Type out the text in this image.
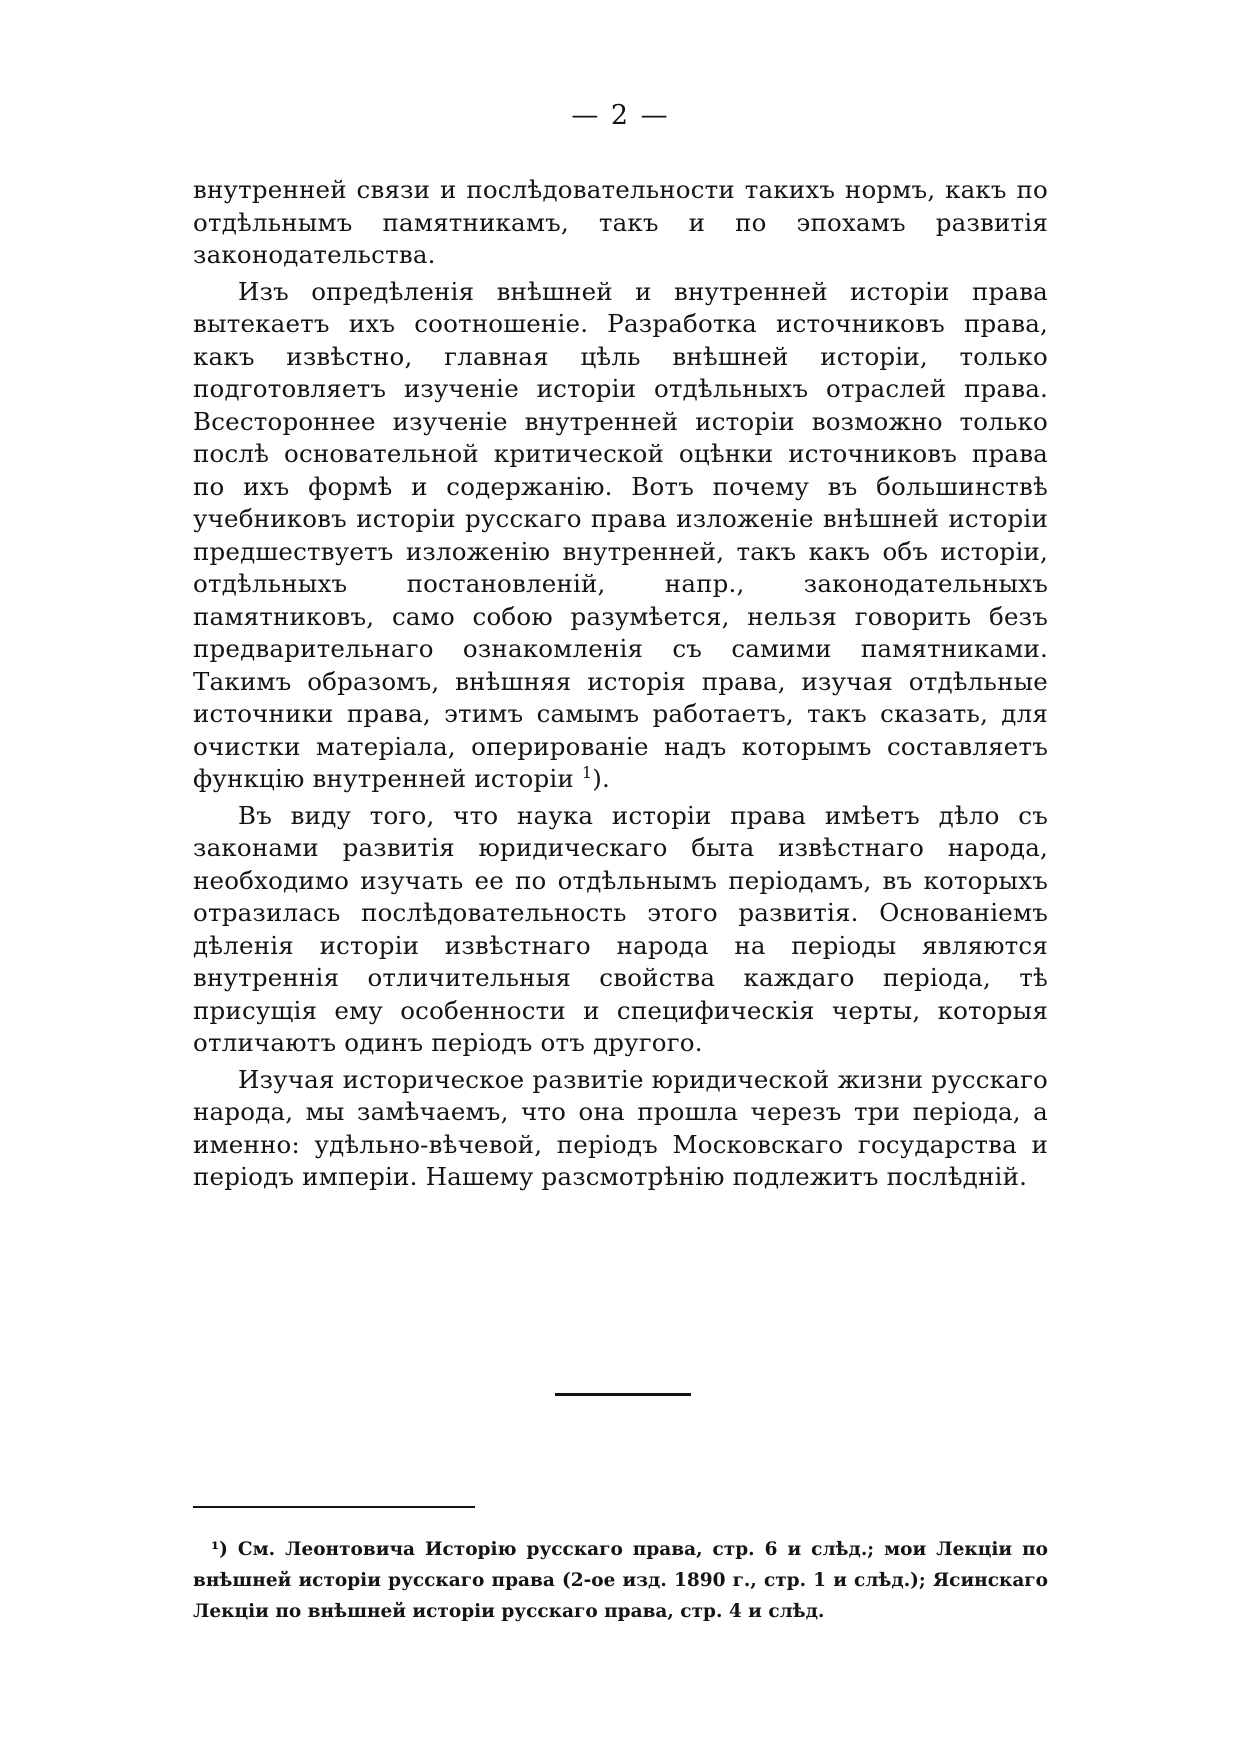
— 2 —

внутренней связи и послѣдовательности такихъ нормъ, какъ по отдѣльнымъ памятникамъ, такъ и по эпохамъ развитія законодательства.

Изъ опредѣленія внѣшней и внутренней исторіи права вытекаетъ ихъ соотношеніе. Разработка источниковъ права, какъ извѣстно, главная цѣль внѣшней исторіи, только подготовляетъ изученіе исторіи отдѣльныхъ отраслей права. Всестороннее изученіе внутренней исторіи возможно только послѣ основательной критической оцѣнки источниковъ права по ихъ формѣ и содержанію. Вотъ почему въ большинствѣ учебниковъ исторіи русскаго права изложеніе внѣшней исторіи предшествуетъ изложенію внутренней, такъ какъ объ исторіи, отдѣльныхъ постановленій, напр., законодательныхъ памятниковъ, само собою разумѣется, нельзя говорить безъ предварительнаго ознакомленія съ самими памятниками. Такимъ образомъ, внѣшняя исторія права, изучая отдѣльные источники права, этимъ самымъ работаетъ, такъ сказать, для очистки матеріала, оперированіе надъ которымъ составляетъ функцію внутренней исторіи $^1$).

Въ виду того, что наука исторіи права имѣетъ дѣло съ законами развитія юридическаго быта извѣстнаго народа, необходимо изучать ее по отдѣльнымъ періодамъ, въ которыхъ отразилась послѣдовательность этого развитія. Основаніемъ дѣленія исторіи извѣстнаго народа на періоды являются внутреннія отличительныя свойства каждаго періода, тѣ присущія ему особенности и специфическія черты, которыя отличаютъ одинъ періодъ отъ другого.

Изучая историческое развитіе юридической жизни русскаго народа, мы замѣчаемъ, что она прошла черезъ три періода, а именно: удѣльно-вѣчевой, періодъ Московскаго государства и періодъ имперіи. Нашему разсмотрѣнію подлежитъ послѣдній.

¹) См. Леонтовича Исторію русскаго права, стр. 6 и слѣд.; мои Лекціи по внѣшней исторіи русскаго права (2-ое изд. 1890 г., стр. 1 и слѣд.); Ясинскаго Лекціи по внѣшней исторіи русскаго права, стр. 4 и слѣд.
